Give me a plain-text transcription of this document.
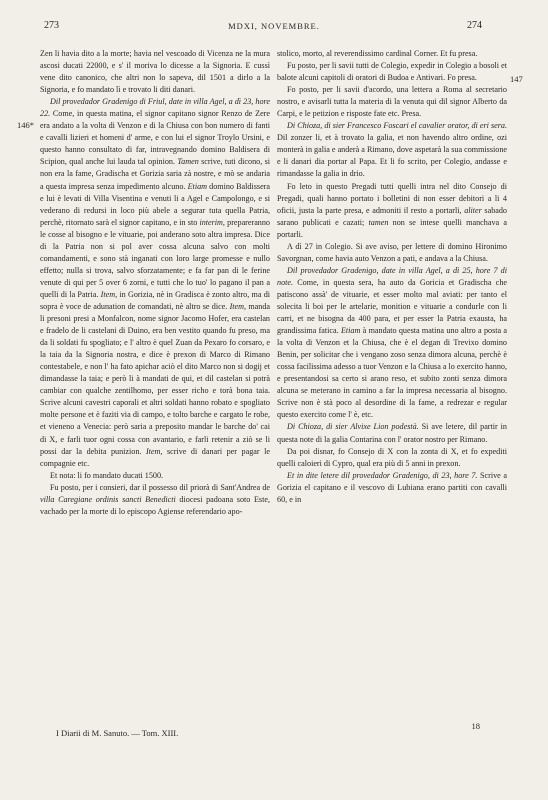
273	MDXI, NOVEMBRE.	274
146*
147

Zen li havia dito a la morte; havia nel vescoado di Vicenza ne la mura ascosi ducati 22000, e s' il moriva lo dicesse a la Signoria. E cussì vene dito canonico, che altri non lo sapeva, dil 1501 a dirlo a la Signoria, e fo mandato lì e trovato li diti danari.

Dil provedador Gradenigo di Friul, date in villa Agel, a dì 23, hore 22. Come, in questa matina, el signor capitano signor Renzo de Zere era andato a la volta di Venzon e di la Chiusa con bon numero di fanti e cavalli lizieri et homeni d' arme, e con lui el signor Troylo Ursini, e questo hanno consultato di far, intravegnando domino Baldisera di Scipion, qual anche lui lauda tal opinion. Tamen scrive, tuti dicono, si non era la fame, Gradischa et Gorizia saria zà nostre, e mò se andaria a questa impresa senza impedimento alcuno. Etiam domino Baldissera e lui è levati di Villa Visentina e venuti li a Agel e Campolongo, e si vederano di redursi in loco più abele a segurar tuta quella Patria, perchè, ritornato sarà el signor capitano, e in sto interim, prepareranno le cosse al bisogno e le vituarie, poi anderano soto altra impresa. Dice di la Patria non si pol aver cossa alcuna salvo con molti comandamenti, e sono stà inganati con loro large promesse e nullo effetto; nulla si trova, salvo sforzatamente; e fa far pan di le ferine venute di qui per 5 over 6 zorni, e tutti che lo tuo' lo pagano il pan a quelli di la Patria. Item, in Gorizia, nè in Gradisca è zonto altro, ma di sopra è voce de adunation de comandati, nè altro se dice. Item, manda li presoni presi a Monfalcon, nome signor Jacomo Hofer, era castelan e fradelo de li castelani di Duino, era ben vestito quando fu preso, ma da li soldati fu spogliato; e l' altro è quel Zuan da Pexaro fo corsaro, e la taia da la Signoria nostra, e dice è prexon di Marco di Rimano contestabele, e non l' ha fato apichar aciò el dito Marco non si dogij et dimandasse la taia; e però li à mandati de qui, et dil castelan si potrà cambiar con qualche zentilhomo, per esser richo e torà bona taia. Scrive alcuni cavestri caporali et altri soldati hanno robato e spogliato molte persone et è faziti via di campo, e tolto barche e cargato le robe, et vieneno a Venecia: però saria a preposito mandar le barche do' cai di X, e farli tuor ogni cossa con avantario, e farli retenir a ziò se li possi dar la debita punizion. Item, scrive di danari per pagar le compagnie etc.

Et nota: li fo mandato ducati 1500.

Fu posto, per i consieri, dar il possesso dil priorà di Sant'Andrea de villa Caregiane ordinis sancti Benedicti diocesi padoana soto Este, vachado per la morte di lo episcopo Agiense referendario apo-

stolico, morto, al reverendissimo cardinal Corner. Et fu presa.

Fu posto, per li savii tutti de Colegio, expedir in Colegio a bosoli et balote alcuni capitoli di oratori di Budoa e Antivari. Fo presa.

Fo posto, per li savii d'acordo, una lettera a Roma al secretario nostro, e avisarli tutta la materia di la venuta qui dil signor Alberto da Carpi, e le petizion e risposte fate etc. Presa.

Di Chioza, di sier Francesco Foscari el cavalier orator, di eri sera. Dil zonzer li, et à trovato la galia, et non havendo altro ordine, ozi monterà in galia e anderà a Rimano, dove aspetarà la sua commissione e li danari dia portar al Papa. Et li fo scrito, per Colegio, andasse e rimandasse la galia in drio.

Fo leto in questo Pregadi tutti quelli intra nel dito Consejo di Pregadi, quali hanno portato i bolletini di non esser debitori a li 4 oficii, justa la parte presa, e admoniti il resto a portarli, aliter sabado sarano publicati e cazati; tamen non se intese quelli manchava a portarli.

A dì 27 in Colegio. Si ave aviso, per lettere di domino Hironimo Savorgnan, come havia auto Venzon a pati, e andava a la Chiusa.

Dil provedador Gradenigo, date in villa Agel, a dì 25, hore 7 di note. Come, in questa sera, ha auto da Goricia et Gradischa che patiscono assà' de vituarie, et esser molto mal aviati: per tanto el solecita li boi per le artelarie, monition e vituarie a condurle con li carri, et ne bisogna da 400 para, et per esser la Patria exausta, ha grandissima fatica. Etiam à mandato questa matina uno altro a posta a la volta di Venzon et la Chiusa, che è el degan di Trevixo domino Benin, per solicitar che i vengano zoso senza dimora alcuna, perchè è cossa facilissima adesso a tuor Venzon e la Chiusa a lo exercito hanno, e presentandosi sa certo si arano reso, et subito zonti senza dimora alcuna se meterano in camino a far la impresa necessaria al bisogno. Scrive non è stà poco al desordine di la fame, a redrezar e regular questo exercito come l' è, etc.

Di Chioza, di sier Alvixe Lion podestà. Si ave letere, dil partir in questa note di la galia Contarina con l' orator nostro per Rimano.

Da poi disnar, fo Consejo di X con la zonta di X, et fo expediti quelli caloieri di Cypro, qual era più di 5 anni in prexon.

Et in dite letere dil provedador Gradenigo, di 23, hore 7. Scrive a Gorizia el capitano e il vescovo di Lubiana erano partiti con cavalli 60, e in

I Diarii di M. Sanuto. — Tom. XIII.
18
